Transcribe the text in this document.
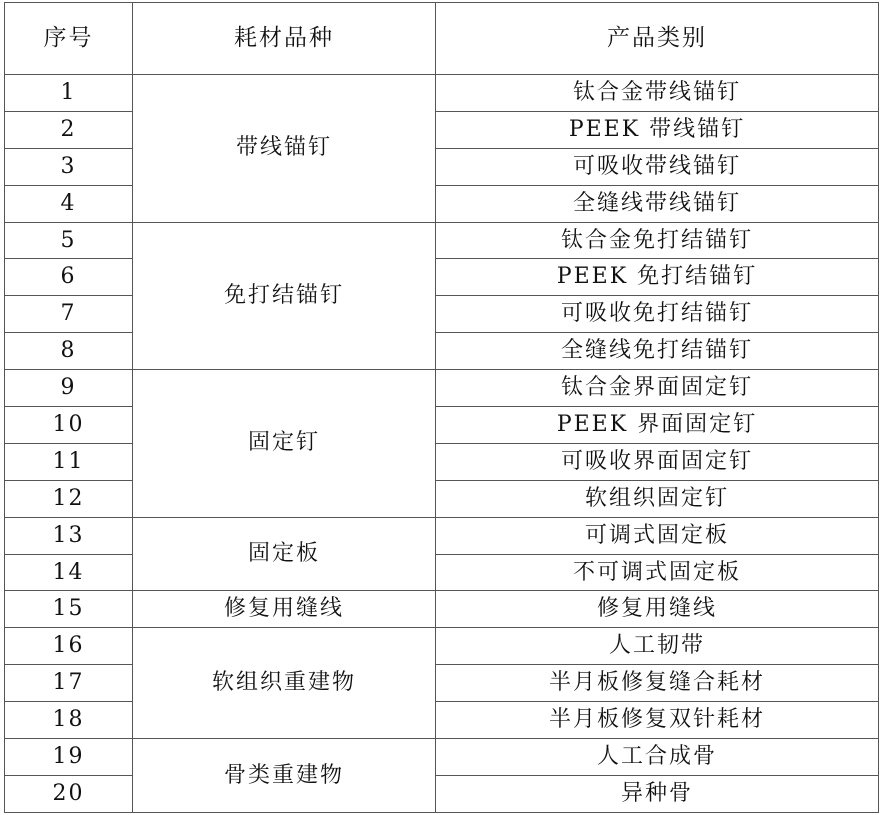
序号	耗材品种	产品类别
1	带线锚钉	钛合金带线锚钉
2		PEEK 带线锚钉
3		可吸收带线锚钉
4		全缝线带线锚钉
5	免打结锚钉	钛合金免打结锚钉
6		PEEK 免打结锚钉
7		可吸收免打结锚钉
8		全缝线免打结锚钉
9	固定钉	钛合金界面固定钉
10		PEEK 界面固定钉
11		可吸收界面固定钉
12		软组织固定钉
13	固定板	可调式固定板
14		不可调式固定板
15	修复用缝线	修复用缝线
16	软组织重建物	人工韧带
17		半月板修复缝合耗材
18		半月板修复双针耗材
19	骨类重建物	人工合成骨
20		异种骨
